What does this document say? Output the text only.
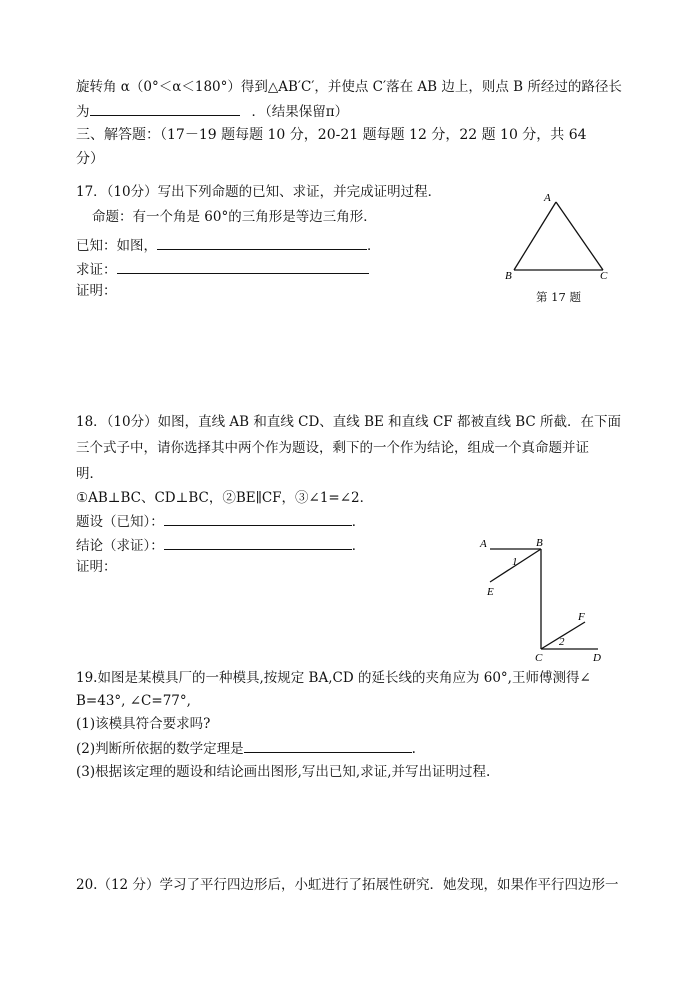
旋转角 α（0°＜α＜180°）得到△AB′C′，并使点 C′落在 AB 边上，则点 B 所经过的路径长
为	．（结果保留π）
三、解答题：（17－19 题每题 10 分，20-21 题每题 12 分，22 题 10 分，共 64
分）
17．（10分）写出下列命题的已知、求证，并完成证明过程．
命题：有一个角是 60°的三角形是等边三角形．
已知：如图，	．
求证：
证明：
A
B	C
第 17 题
18．（10分）如图，直线 AB 和直线 CD、直线 BE 和直线 CF 都被直线 BC 所截．在下面
三个式子中，请你选择其中两个作为题设，剩下的一个作为结论，组成一个真命题并证
明．
①AB⊥BC、CD⊥BC，②BE∥CF，③∠1=∠2．
题设（已知）：	．
结论（求证）：	．
证明：
A	B
E
1
F
2
C	D
19.如图是某模具厂的一种模具,按规定 BA,CD 的延长线的夹角应为 60°,王师傅测得∠
B=43°, ∠C=77°,
(1)该模具符合要求吗?
(2)判断所依据的数学定理是	.
(3)根据该定理的题设和结论画出图形,写出已知,求证,并写出证明过程.
20.（12 分）学习了平行四边形后，小虹进行了拓展性研究．她发现，如果作平行四边形一
